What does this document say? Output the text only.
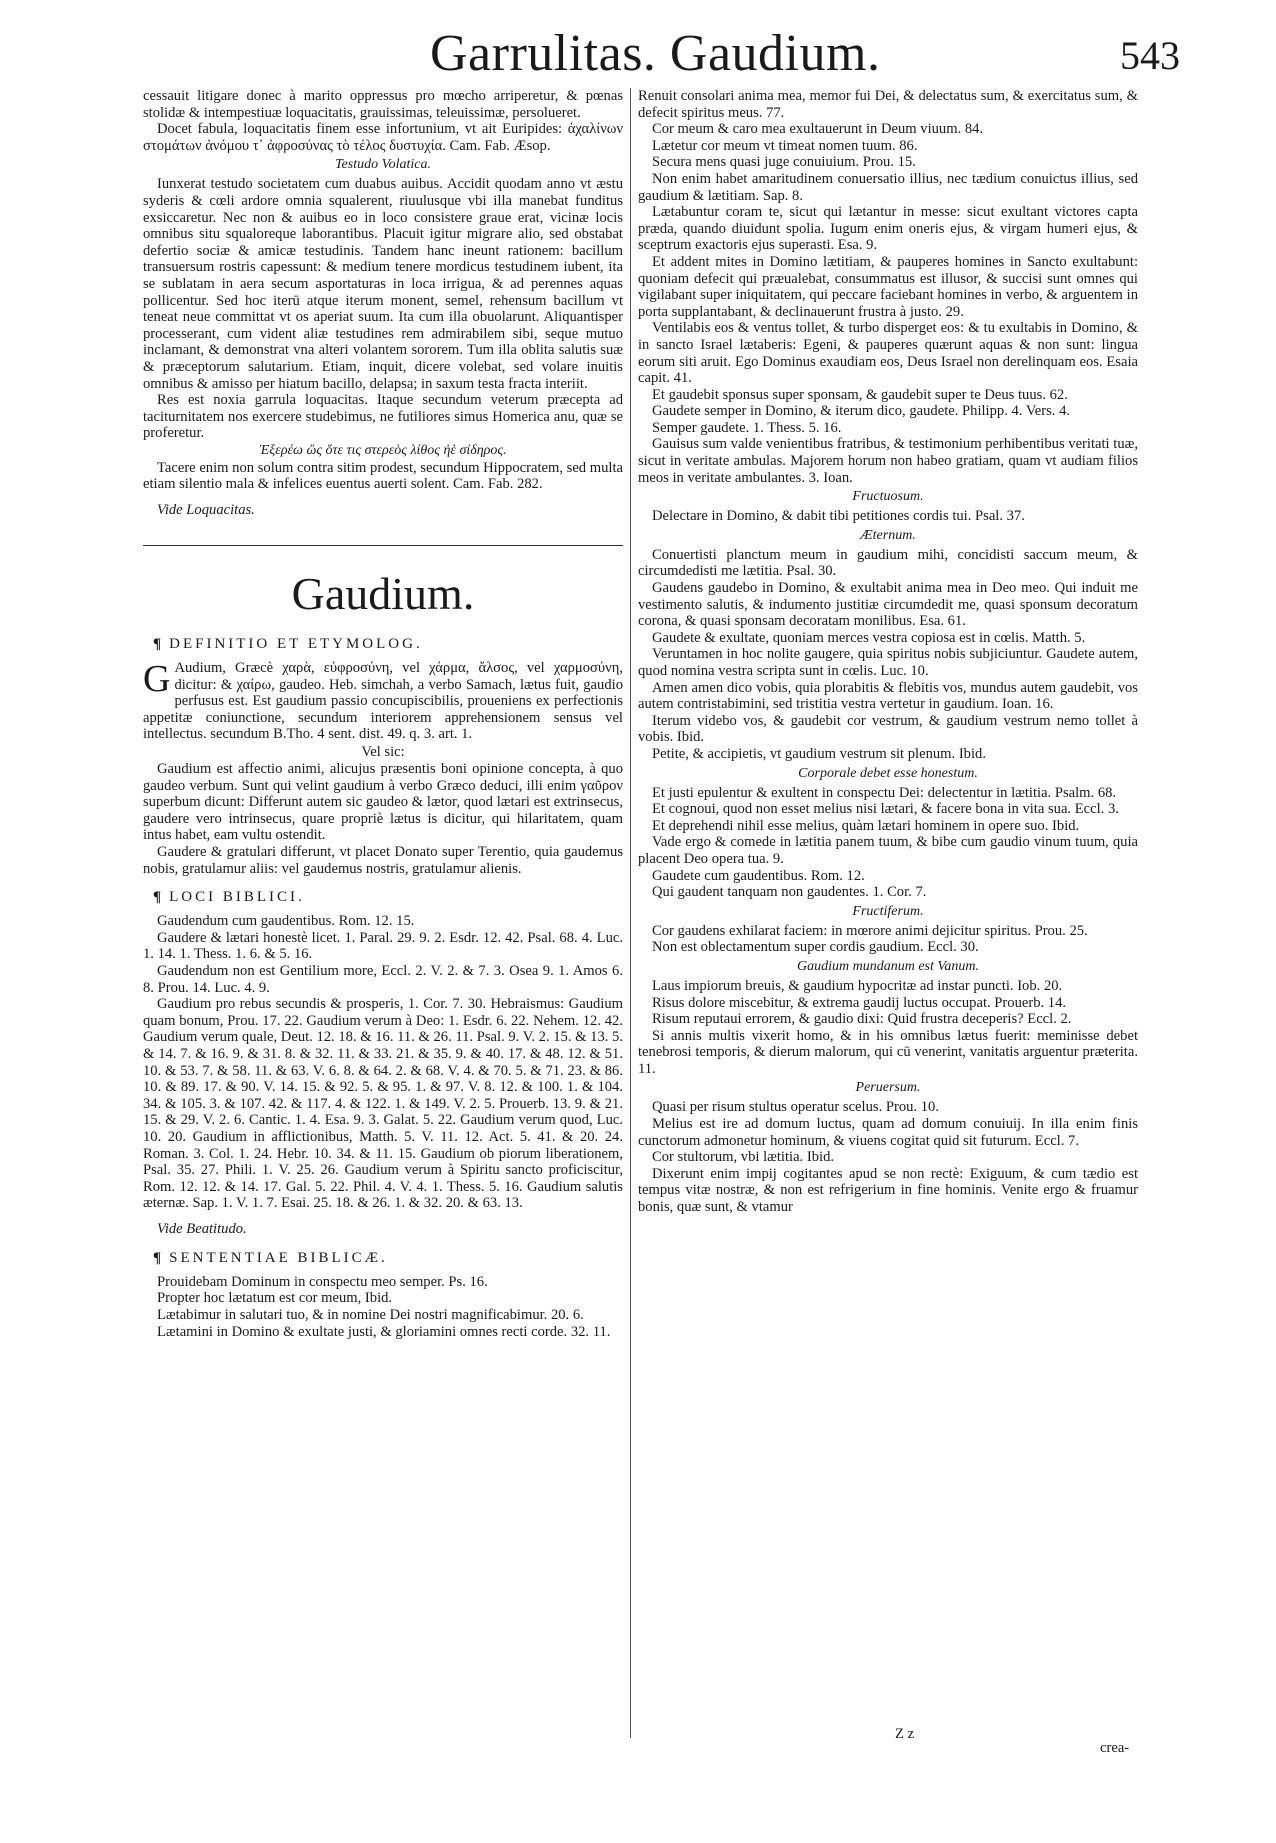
Garrulitas. Gaudium.	543

cessauit litigare donec à marito oppressus pro mœcho arriperetur, & pœnas stolidæ & intempestiuæ loquacitatis, grauissimas, teleuissimæ, persolueret.

Docet fabula, loquacitatis finem esse infortunium, vt ait Euripides: ἀχαλίνων στομάτων ἀνόμου τ᾽ ἀφροσύνας τὸ τέλος δυστυχία. Cam. Fab. Æsop.

Testudo Volatica.

Iunxerat testudo societatem cum duabus auibus. Accidit quodam anno vt æstu syderis & cœli ardore omnia squalerent, riuulusque vbi illa manebat funditus exsiccaretur. Nec non & auibus eo in loco consistere graue erat, vicinæ locis omnibus situ squaloreque laborantibus. Placuit igitur migrare alio, sed obstabat defertio sociæ & amicæ testudinis. Tandem hanc ineunt rationem: bacillum transuersum rostris capessunt: & medium tenere mordicus testudinem iubent, ita se sublatam in aera secum asportaturas in loca irrigua, & ad perennes aquas pollicentur. Sed hoc iterū atque iterum monent, semel, rehensum bacillum vt teneat neue committat vt os aperiat suum. Ita cum illa obuolarunt. Aliquantisper processerant, cum vident aliæ testudines rem admirabilem sibi, seque mutuo inclamant, & demonstrat vna alteri volantem sororem. Tum illa oblita salutis suæ & præceptorum salutarium. Etiam, inquit, dicere volebat, sed volare inuitis omnibus & amisso per hiatum bacillo, delapsa; in saxum testa fracta interiit.

Res est noxia garrula loquacitas. Itaque secundum veterum præcepta ad taciturnitatem nos exercere studebimus, ne futiliores simus Homerica anu, quæ se proferetur.

Ἐξερέω ὥς ὅτε τις στερεὸς λίθος ἠὲ σίδηρος.

Tacere enim non solum contra sitim prodest, secundum Hippocratem, sed multa etiam silentio mala & infelices euentus auerti solent. Cam. Fab. 282.

Vide Loquacitas.
Gaudium.
¶ DEFINITIO ET ETYMOLOG.

G Audium, Græcè χαρὰ, εὐφροσύνη, vel χάρμα, ἄλσος, vel χαρμοσύνη, dicitur: & χαίρω, gaudeo. Heb. simchah, a verbo Samach, lætus fuit, gaudio perfusus est. Est gaudium passio concupiscibilis, proueniens ex perfectionis appetitæ coniunctione, secundum interiorem apprehensionem sensus vel intellectus. secundum B.Tho. 4 sent. dist. 49. q. 3. art. 1.

Vel sic:

Gaudium est affectio animi, alicujus præsentis boni opinione concepta, à quo gaudeo verbum. Sunt qui velint gaudium à verbo Græco deduci, illi enim γαῦρον superbum dicunt: Differunt autem sic gaudeo & lætor, quod lætari est extrinsecus, gaudere vero intrinsecus, quare propriè lætus is dicitur, qui hilaritatem, quam intus habet, eam vultu ostendit.

Gaudere & gratulari differunt, vt placet Donato super Terentio, quia gaudemus nobis, gratulamur aliis: vel gaudemus nostris, gratulamur alienis.

¶ LOCI BIBLICI.

Gaudendum cum gaudentibus. Rom. 12. 15.

Gaudere & lætari honestè licet. 1. Paral. 29. 9. 2. Esdr. 12. 42. Psal. 68. 4. Luc. 1. 14. 1. Thess. 1. 6. & 5. 16.

Gaudendum non est Gentilium more, Eccl. 2. V. 2. & 7. 3. Osea 9. 1. Amos 6. 8. Prou. 14. Luc. 4. 9.

Gaudium pro rebus secundis & prosperis, 1. Cor. 7. 30. Hebraismus: Gaudium quam bonum, Prou. 17. 22. Gaudium verum à Deo: 1. Esdr. 6. 22. Nehem. 12. 42. Gaudium verum quale, Deut. 12. 18. & 16. 11. & 26. 11. Psal. 9. V. 2. 15. & 13. 5. & 14. 7. & 16. 9. & 31. 8. & 32. 11. & 33. 21. & 35. 9. & 40. 17. & 48. 12. & 51. 10. & 53. 7. & 58. 11. & 63. V. 6. 8. & 64. 2. & 68. V. 4. & 70. 5. & 71. 23. & 86. 10. & 89. 17. & 90. V. 14. 15. & 92. 5. & 95. 1. & 97. V. 8. 12. & 100. 1. & 104. 34. & 105. 3. & 107. 42. & 117. 4. & 122. 1. & 149. V. 2. 5. Prouerb. 13. 9. & 21. 15. & 29. V. 2. 6. Cantic. 1. 4. Esa. 9. 3. Galat. 5. 22. Gaudium verum quod, Luc. 10. 20. Gaudium in afflictionibus, Matth. 5. V. 11. 12. Act. 5. 41. & 20. 24. Roman. 3. Col. 1. 24. Hebr. 10. 34. & 11. 15. Gaudium ob piorum liberationem, Psal. 35. 27. Phili. 1. V. 25. 26. Gaudium verum à Spiritu sancto proficiscitur, Rom. 12. 12. & 14. 17. Gal. 5. 22. Phil. 4. V. 4. 1. Thess. 5. 16. Gaudium salutis æternæ. Sap. 1. V. 1. 7. Esai. 25. 18. & 26. 1. & 32. 20. & 63. 13.

Vide Beatitudo.
¶ SENTENTIAE BIBLICÆ.

Prouidebam Dominum in conspectu meo semper. Ps. 16.

Propter hoc lætatum est cor meum, Ibid.

Lætabimur in salutari tuo, & in nomine Dei nostri magnificabimur. 20. 6.

Lætamini in Domino & exultate justi, & gloriamini omnes recti corde. 32. 11.

Renuit consolari anima mea, memor fui Dei, & delectatus sum, & exercitatus sum, & defecit spiritus meus. 77.

Cor meum & caro mea exultauerunt in Deum viuum. 84.

Lætetur cor meum vt timeat nomen tuum. 86.

Secura mens quasi juge conuiuium. Prou. 15.

Non enim habet amaritudinem conuersatio illius, nec tædium conuictus illius, sed gaudium & lætitiam. Sap. 8.

Lætabuntur coram te, sicut qui lætantur in messe: sicut exultant victores capta præda, quando diuidunt spolia. Iugum enim oneris ejus, & virgam humeri ejus, & sceptrum exactoris ejus superasti. Esa. 9.

Et addent mites in Domino lætitiam, & pauperes homines in Sancto exultabunt: quoniam defecit qui præualebat, consummatus est illusor, & succisi sunt omnes qui vigilabant super iniquitatem, qui peccare faciebant homines in verbo, & arguentem in porta supplantabant, & declinauerunt frustra à justo. 29.

Ventilabis eos & ventus tollet, & turbo disperget eos: & tu exultabis in Domino, & in sancto Israel lætaberis: Egeni, & pauperes quærunt aquas & non sunt: lingua eorum siti aruit. Ego Dominus exaudiam eos, Deus Israel non derelinquam eos. Esaia capit. 41.

Et gaudebit sponsus super sponsam, & gaudebit super te Deus tuus. 62.

Gaudete semper in Domino, & iterum dico, gaudete. Philipp. 4. Vers. 4.

Semper gaudete. 1. Thess. 5. 16.

Gauisus sum valde venientibus fratribus, & testimonium perhibentibus veritati tuæ, sicut in veritate ambulas. Majorem horum non habeo gratiam, quam vt audiam filios meos in veritate ambulantes. 3. Ioan.

Fructuosum.

Delectare in Domino, & dabit tibi petitiones cordis tui. Psal. 37.

Æternum.

Conuertisti planctum meum in gaudium mihi, concidisti saccum meum, & circumdedisti me lætitia. Psal. 30.

Gaudens gaudebo in Domino, & exultabit anima mea in Deo meo. Qui induit me vestimento salutis, & indumento justitiæ circumdedit me, quasi sponsum decoratum corona, & quasi sponsam decoratam monilibus. Esa. 61.

Gaudete & exultate, quoniam merces vestra copiosa est in cœlis. Matth. 5.

Veruntamen in hoc nolite gaugere, quia spiritus nobis subjiciuntur. Gaudete autem, quod nomina vestra scripta sunt in cœlis. Luc. 10.

Amen amen dico vobis, quia plorabitis & flebitis vos, mundus autem gaudebit, vos autem contristabimini, sed tristitia vestra vertetur in gaudium. Ioan. 16.

Iterum videbo vos, & gaudebit cor vestrum, & gaudium vestrum nemo tollet à vobis. Ibid.

Petite, & accipietis, vt gaudium vestrum sit plenum. Ibid.

Corporale debet esse honestum.

Et justi epulentur & exultent in conspectu Dei: delectentur in lætitia. Psalm. 68.

Et cognoui, quod non esset melius nisi lætari, & facere bona in vita sua. Eccl. 3.

Et deprehendi nihil esse melius, quàm lætari hominem in opere suo. Ibid.

Vade ergo & comede in lætitia panem tuum, & bibe cum gaudio vinum tuum, quia placent Deo opera tua. 9.

Gaudete cum gaudentibus. Rom. 12.

Qui gaudent tanquam non gaudentes. 1. Cor. 7.

Fructiferum.

Cor gaudens exhilarat faciem: in mœrore animi dejicitur spiritus. Prou. 25.

Non est oblectamentum super cordis gaudium. Eccl. 30.

Gaudium mundanum est Vanum.

Laus impiorum breuis, & gaudium hypocritæ ad instar puncti. Iob. 20.

Risus dolore miscebitur, & extrema gaudij luctus occupat. Prouerb. 14.

Risum reputaui errorem, & gaudio dixi: Quid frustra deceperis? Eccl. 2.

Si annis multis vixerit homo, & in his omnibus lætus fuerit: meminisse debet tenebrosi temporis, & dierum malorum, qui cū venerint, vanitatis arguentur præterita. 11.

Peruersum.

Quasi per risum stultus operatur scelus. Prou. 10.

Melius est ire ad domum luctus, quam ad domum conuiuij. In illa enim finis cunctorum admonetur hominum, & viuens cogitat quid sit futurum. Eccl. 7.

Cor stultorum, vbi lætitia. Ibid.

Dixerunt enim impij cogitantes apud se non rectè: Exiguum, & cum tædio est tempus vitæ nostræ, & non est refrigerium in fine hominis. Venite ergo & fruamur bonis, quæ sunt, & vtamur

Z z
crea-
